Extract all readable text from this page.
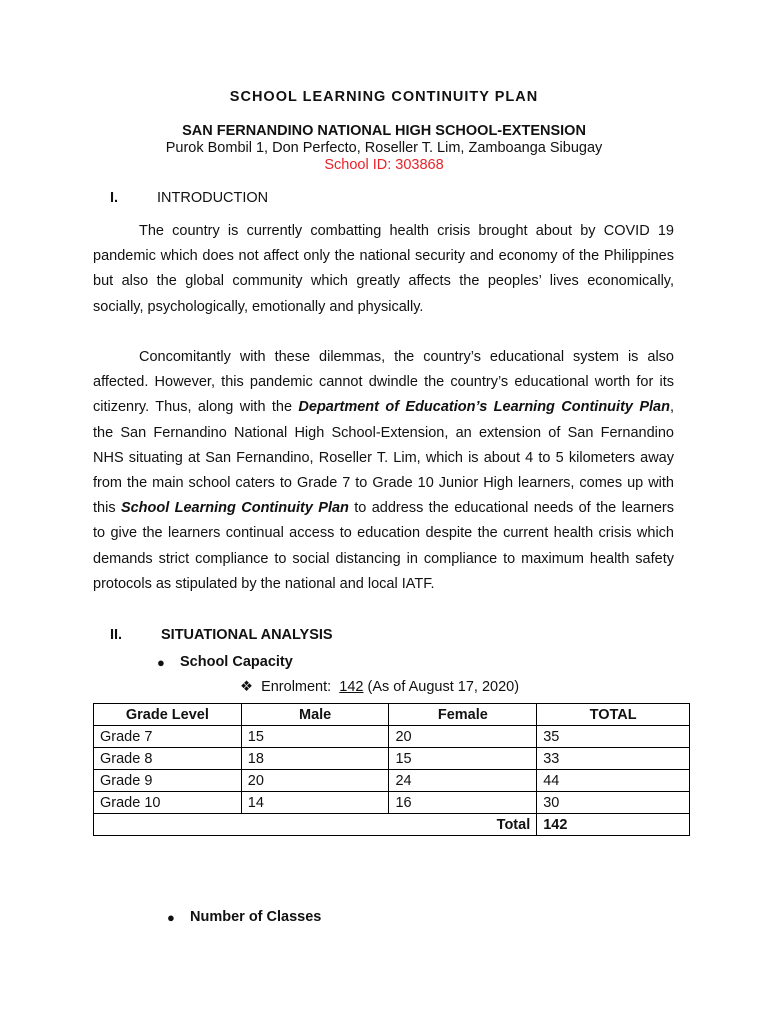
SCHOOL LEARNING CONTINUITY PLAN
SAN FERNANDINO NATIONAL HIGH SCHOOL-EXTENSION
Purok Bombil 1, Don Perfecto, Roseller T. Lim, Zamboanga Sibugay
School ID: 303868
I.	INTRODUCTION
The country is currently combatting health crisis brought about by COVID 19 pandemic which does not affect only the national security and economy of the Philippines but also the global community which greatly affects the peoples’ lives economically, socially, psychologically, emotionally and physically.
Concomitantly with these dilemmas, the country’s educational system is also affected. However, this pandemic cannot dwindle the country’s educational worth for its citizenry. Thus, along with the Department of Education’s Learning Continuity Plan, the San Fernandino National High School-Extension, an extension of San Fernandino NHS situating at San Fernandino, Roseller T. Lim, which is about 4 to 5 kilometers away from the main school caters to Grade 7 to Grade 10 Junior High learners, comes up with this School Learning Continuity Plan to address the educational needs of the learners to give the learners continual access to education despite the current health crisis which demands strict compliance to social distancing in compliance to maximum health safety protocols as stipulated by the national and local IATF.
II.	SITUATIONAL ANALYSIS
● School Capacity
❖ Enrolment: 142 (As of August 17, 2020)
Grade Level	Male	Female	TOTAL
Grade 7	15	20	35
Grade 8	18	15	33
Grade 9	20	24	44
Grade 10	14	16	30
Total			142
● Number of Classes
